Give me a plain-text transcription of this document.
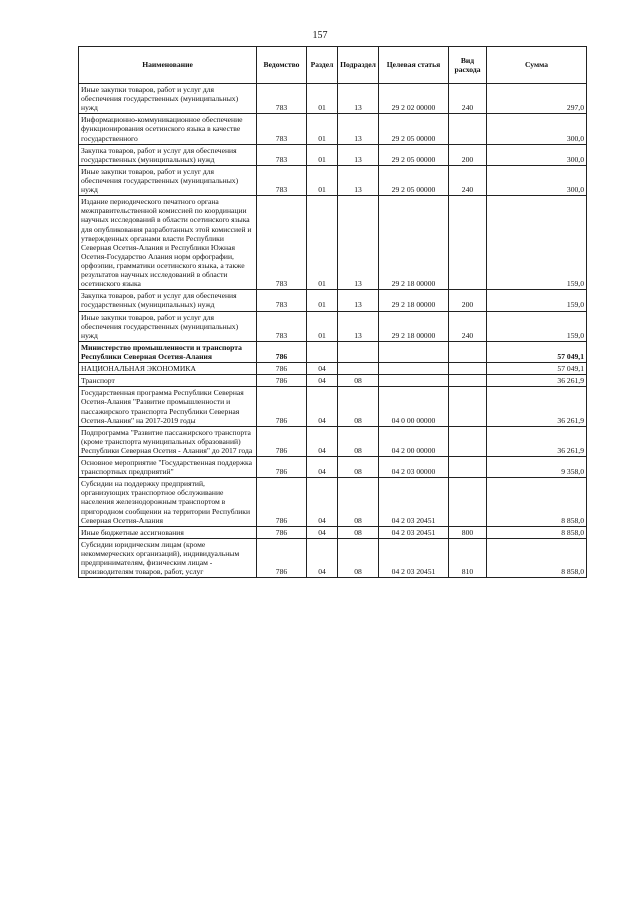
157
Наименование	Ведомство	Раздел	Подраздел	Целевая статья	Вид расхода	Сумма
Иные закупки товаров, работ и услуг для обеспечения государственных (муниципальных) нужд	783	01	13	29 2 02 00000	240	297,0
Информационно-коммуникационное обеспечение функционирования осетинского языка в качестве государственного	783	01	13	29 2 05 00000		300,0
Закупка товаров, работ и услуг для обеспечения государственных (муниципальных) нужд	783	01	13	29 2 05 00000	200	300,0
Иные закупки товаров, работ и услуг для обеспечения государственных (муниципальных) нужд	783	01	13	29 2 05 00000	240	300,0
Издание периодического печатного органа межправительственной комиссией по координации научных исследований в области осетинского языка для опубликования разработанных этой комиссией и утвержденных органами власти Республики Северная Осетия-Алания и Республики Южная Осетия-Государство Алания норм орфографии, орфоэпии, грамматики осетинского языка, а также результатов научных исследований в области осетинского языка	783	01	13	29 2 18 00000		159,0
Закупка товаров, работ и услуг для обеспечения государственных (муниципальных) нужд	783	01	13	29 2 18 00000	200	159,0
Иные закупки товаров, работ и услуг для обеспечения государственных (муниципальных) нужд	783	01	13	29 2 18 00000	240	159,0
Министерство промышленности и транспорта Республики Северная Осетия-Алания	786					57 049,1
НАЦИОНАЛЬНАЯ ЭКОНОМИКА	786	04				57 049,1
Транспорт	786	04	08			36 261,9
Государственная программа Республики Северная Осетия-Алания "Развитие промышленности и пассажирского транспорта Республики Северная Осетия-Алания" на 2017-2019 годы	786	04	08	04 0 00 00000		36 261,9
Подпрограмма "Развитие пассажирского транспорта (кроме транспорта муниципальных образований) Республики Северная Осетия - Алания" до 2017 года	786	04	08	04 2 00 00000		36 261,9
Основное мероприятие "Государственная поддержка транспортных предприятий"	786	04	08	04 2 03 00000		9 358,0
Субсидии на поддержку предприятий, организующих транспортное обслуживание населения железнодорожным транспортом в пригородном сообщении на территории Республики Северная Осетия-Алания	786	04	08	04 2 03 20451		8 858,0
Иные бюджетные ассигнования	786	04	08	04 2 03 20451	800	8 858,0
Субсидии юридическим лицам (кроме некоммерческих организаций), индивидуальным предпринимателям, физическим лицам - производителям товаров, работ, услуг	786	04	08	04 2 03 20451	810	8 858,0
